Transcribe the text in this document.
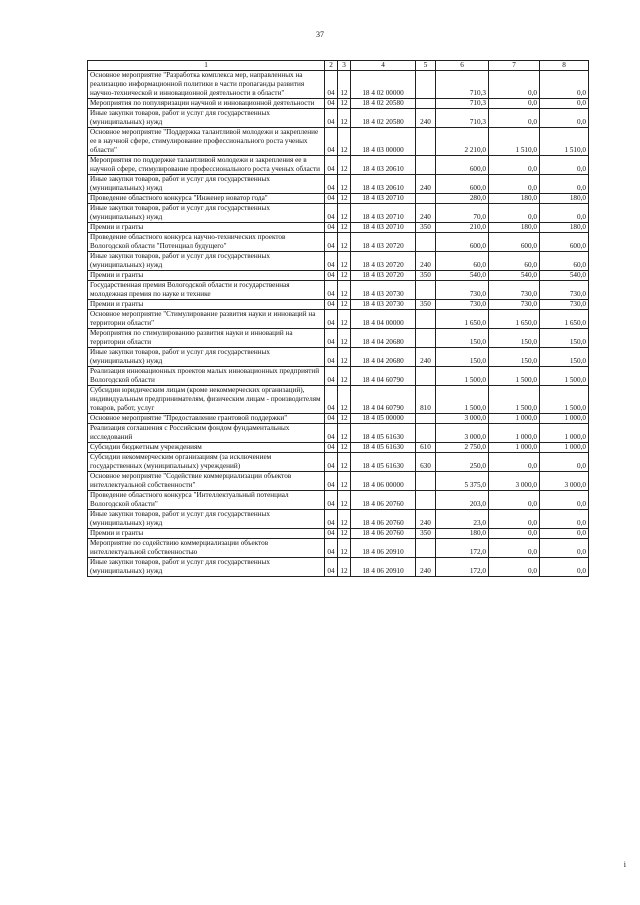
37
1	2	3	4	5	6	7	8
Основное мероприятие "Разработка комплекса мер, направленных на реализацию информационной политики в части пропаганды развития научно-технической и инновационной деятельности в области"	04	12	18 4 02 00000		710,3	0,0	0,0
Мероприятия по популяризации научной и инновационной деятельности	04	12	18 4 02 20580		710,3	0,0	0,0
Иные закупки товаров, работ и услуг для государственных (муниципальных) нужд	04	12	18 4 02 20580	240	710,3	0,0	0,0
Основное мероприятие "Поддержка талантливой молодежи и закрепление ее в научной сфере, стимулирование профессионального роста ученых области"	04	12	18 4 03 00000		2 210,0	1 510,0	1 510,0
Мероприятия по поддержке талантливой молодежи и закрепления ее в научной сфере, стимулирование профессионального роста ученых области	04	12	18 4 03 20610		600,0	0,0	0,0
Иные закупки товаров, работ и услуг для государственных (муниципальных) нужд	04	12	18 4 03 20610	240	600,0	0,0	0,0
Проведение областного конкурса "Инженер новатор года"	04	12	18 4 03 20710		280,0	180,0	180,0
Иные закупки товаров, работ и услуг для государственных (муниципальных) нужд	04	12	18 4 03 20710	240	70,0	0,0	0,0
Премии и гранты	04	12	18 4 03 20710	350	210,0	180,0	180,0
Проведение областного конкурса научно-технических проектов Вологодской области "Потенциал будущего"	04	12	18 4 03 20720		600,0	600,0	600,0
Иные закупки товаров, работ и услуг для государственных (муниципальных) нужд	04	12	18 4 03 20720	240	60,0	60,0	60,0
Премии и гранты	04	12	18 4 03 20720	350	540,0	540,0	540,0
Государственная премия Вологодской области и государственная молодежная премия по науке и технике	04	12	18 4 03 20730		730,0	730,0	730,0
Премии и гранты	04	12	18 4 03 20730	350	730,0	730,0	730,0
Основное мероприятие "Стимулирование развития науки и инноваций на территории области"	04	12	18 4 04 00000		1 650,0	1 650,0	1 650,0
Мероприятия по стимулированию развития науки и инноваций на территории области	04	12	18 4 04 20680		150,0	150,0	150,0
Иные закупки товаров, работ и услуг для государственных (муниципальных) нужд	04	12	18 4 04 20680	240	150,0	150,0	150,0
Реализация инновационных проектов малых инновационных предприятий Вологодской области	04	12	18 4 04 60790		1 500,0	1 500,0	1 500,0
Субсидии юридическим лицам (кроме некоммерческих организаций), индивидуальным предпринимателям, физическим лицам - производителям товаров, работ, услуг	04	12	18 4 04 60790	810	1 500,0	1 500,0	1 500,0
Основное мероприятие "Предоставление грантовой поддержки"	04	12	18 4 05 00000		3 000,0	1 000,0	1 000,0
Реализация соглашения с Российским фондом фундаментальных исследований	04	12	18 4 05 61630		3 000,0	1 000,0	1 000,0
Субсидии бюджетным учреждениям	04	12	18 4 05 61630	610	2 750,0	1 000,0	1 000,0
Субсидии некоммерческим организациям (за исключением государственных (муниципальных) учреждений)	04	12	18 4 05 61630	630	250,0	0,0	0,0
Основное мероприятие "Содействие коммерциализации объектов интеллектуальной собственности"	04	12	18 4 06 00000		5 375,0	3 000,0	3 000,0
Проведение областного конкурса "Интеллектуальный потенциал Вологодской области"	04	12	18 4 06 20760		203,0	0,0	0,0
Иные закупки товаров, работ и услуг для государственных (муниципальных) нужд	04	12	18 4 06 20760	240	23,0	0,0	0,0
Премии и гранты	04	12	18 4 06 20760	350	180,0	0,0	0,0
Мероприятие по содействию коммерциализации объектов интеллектуальной собственностью	04	12	18 4 06 20910		172,0	0,0	0,0
Иные закупки товаров, работ и услуг для государственных (муниципальных) нужд	04	12	18 4 06 20910	240	172,0	0,0	0,0
i
